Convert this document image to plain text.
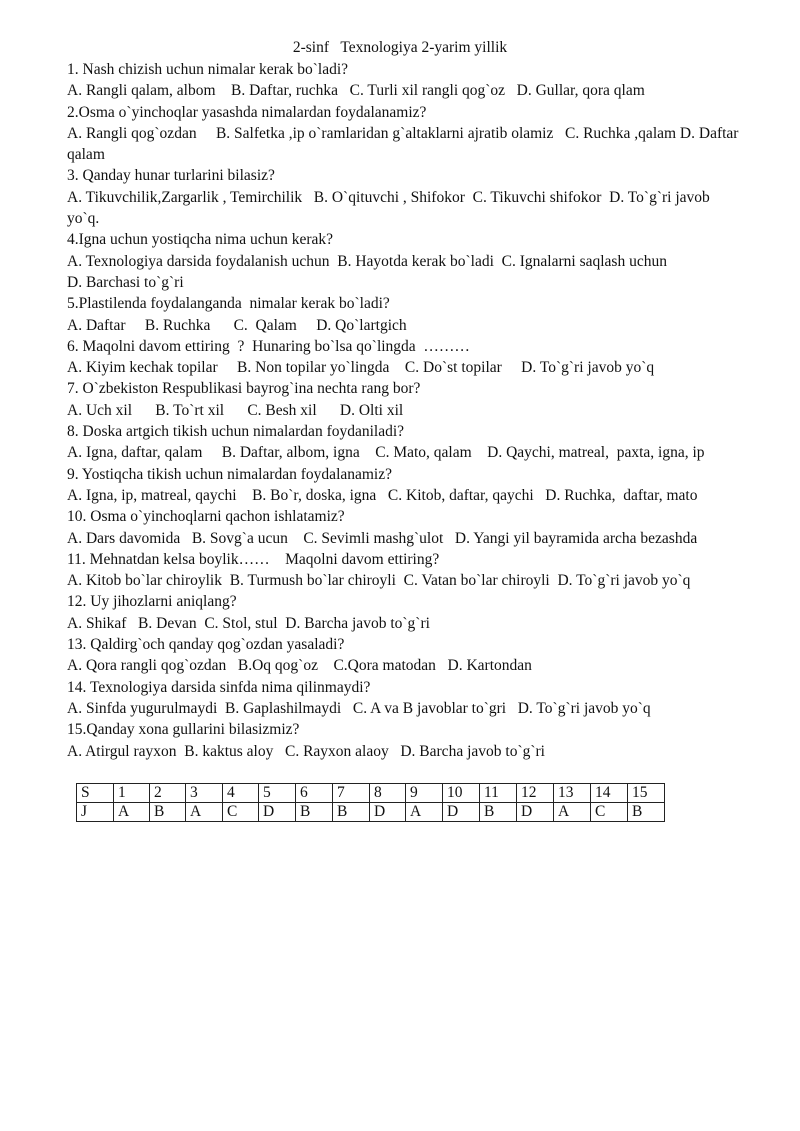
2-sinf   Texnologiya 2-yarim yillik
1. Nash chizish uchun nimalar kerak bo`ladi?
A. Rangli qalam, albom    B. Daftar, ruchka   C. Turli xil rangli qog`oz   D. Gullar, qora qlam
2.Osma o`yinchoqlar yasashda nimalardan foydalanamiz?
A. Rangli qog`ozdan     B. Salfetka ,ip o`ramlaridan g`altaklarni ajratib olamiz   C. Ruchka ,qalam D. Daftar
qalam
3. Qanday hunar turlarini bilasiz?
A. Tikuvchilik,Zargarlik , Temirchilik   B. O`qituvchi , Shifokor  C. Tikuvchi shifokor  D. To`g`ri javob
yo`q.
4.Igna uchun yostiqcha nima uchun kerak?
A. Texnologiya darsida foydalanish uchun  B. Hayotda kerak bo`ladi  C. Ignalarni saqlash uchun
D. Barchasi to`g`ri
5.Plastilenda foydalanganda  nimalar kerak bo`ladi?
A. Daftar     B. Ruchka      C.  Qalam     D. Qo`lartgich
6. Maqolni davom ettiring  ?  Hunaring bo`lsa qo`lingda  ………
A. Kiyim kechak topilar     B. Non topilar yo`lingda    C. Do`st topilar     D. To`g`ri javob yo`q
7. O`zbekiston Respublikasi bayrog`ina nechta rang bor?
A. Uch xil      B. To`rt xil      C. Besh xil      D. Olti xil
8. Doska artgich tikish uchun nimalardan foydaniladi?
A. Igna, daftar, qalam     B. Daftar, albom, igna    C. Mato, qalam    D. Qaychi, matreal,  paxta, igna, ip
9. Yostiqcha tikish uchun nimalardan foydalanamiz?
A. Igna, ip, matreal, qaychi    B. Bo`r, doska, igna   C. Kitob, daftar, qaychi   D. Ruchka,  daftar, mato
10. Osma o`yinchoqlarni qachon ishlatamiz?
A. Dars davomida   B. Sovg`a ucun    C. Sevimli mashg`ulot   D. Yangi yil bayramida archa bezashda
11. Mehnatdan kelsa boylik……    Maqolni davom ettiring?
A. Kitob bo`lar chiroylik  B. Turmush bo`lar chiroyli  C. Vatan bo`lar chiroyli  D. To`g`ri javob yo`q
12. Uy jihozlarni aniqlang?
A. Shikaf   B. Devan  C. Stol, stul  D. Barcha javob to`g`ri
13. Qaldirg`och qanday qog`ozdan yasaladi?
A. Qora rangli qog`ozdan   B.Oq qog`oz    C.Qora matodan   D. Kartondan
14. Texnologiya darsida sinfda nima qilinmaydi?
A. Sinfda yugurulmaydi  B. Gaplashilmaydi   C. A va B javoblar to`gri   D. To`g`ri javob yo`q
15.Qanday xona gullarini bilasizmiz?
A. Atirgul rayxon  B. kaktus aloy   C. Rayxon alaoy   D. Barcha javob to`g`ri
S	1	2	3	4	5	6	7	8	9	10	11	12	13	14	15
J	A	B	A	C	D	B	B	D	A	D	B	D	A	C	B
